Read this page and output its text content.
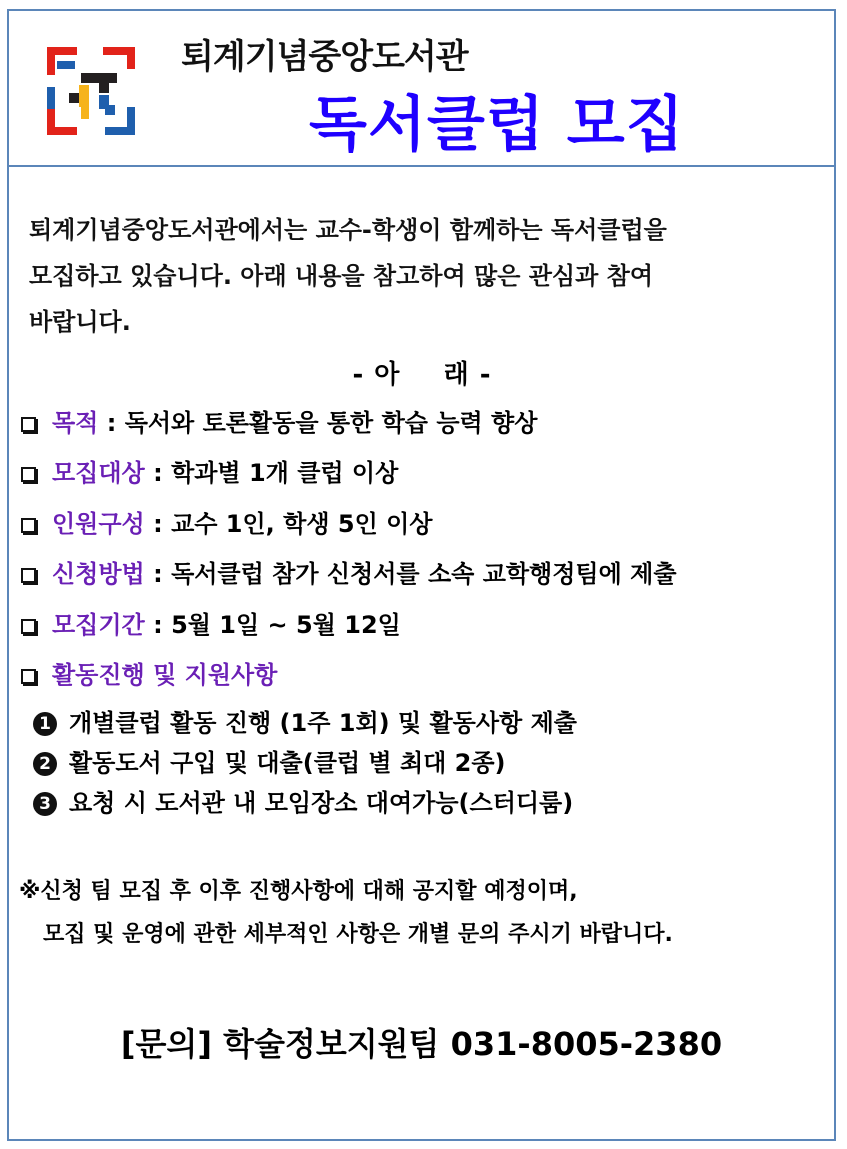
퇴계기념중앙도서관
독서클럽 모집
퇴계기념중앙도서관에서는 교수-학생이 함께하는 독서클럽을
모집하고 있습니다. 아래 내용을 참고하여 많은 관심과 참여
바랍니다.
- 아    래 -
목적 : 독서와 토론활동을 통한 학습 능력 향상
모집대상 : 학과별 1개 클럽 이상
인원구성 : 교수 1인, 학생 5인 이상
신청방법 : 독서클럽 참가 신청서를 소속 교학행정팀에 제출
모집기간 : 5월 1일 ~ 5월 12일
활동진행 및 지원사항
1 개별클럽 활동 진행 (1주 1회) 및 활동사항 제출
2 활동도서 구입 및 대출(클럽 별 최대 2종)
3 요청 시 도서관 내 모임장소 대여가능(스터디룸)
※신청 팀 모집 후 이후 진행사항에 대해 공지할 예정이며,
모집 및 운영에 관한 세부적인 사항은 개별 문의 주시기 바랍니다.
[문의] 학술정보지원팀 031-8005-2380
